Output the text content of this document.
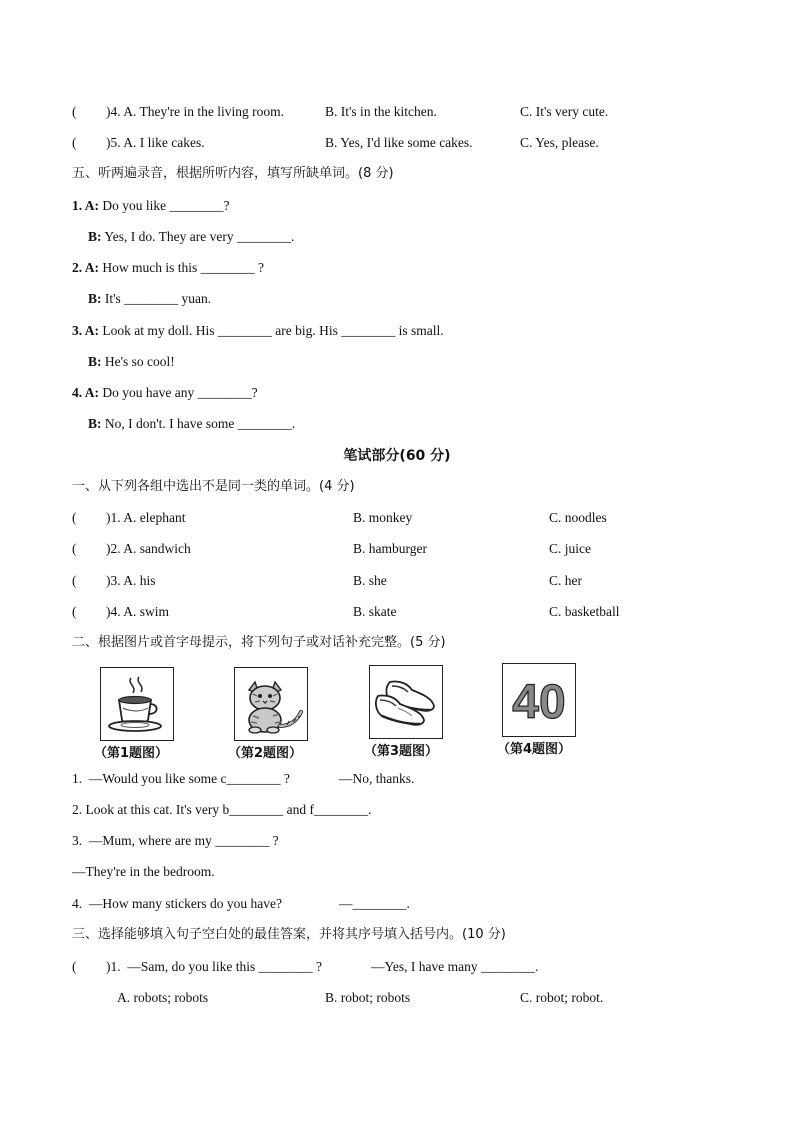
( )4. A. They're in the living room.	B. It's in the kitchen.	C. It's very cute.
( )5. A. I like cakes.	B. Yes, I'd like some cakes.	C. Yes, please.
五、听两遍录音，根据所听内容，填写所缺单词。(8 分)
1. A: Do you like ________?
B: Yes, I do. They are very ________.
2. A: How much is this ________ ?
B: It's ________ yuan.
3. A: Look at my doll. His ________ are big. His ________ is small.
B: He's so cool!
4. A: Do you have any ________?
B: No, I don't. I have some ________.
笔试部分(60 分)
一、从下列各组中选出不是同一类的单词。(4 分)
( )1. A. elephant	B. monkey	C. noodles
( )2. A. sandwich	B. hamburger	C. juice
( )3. A. his	B. she	C. her
( )4. A. swim	B. skate	C. basketball
二、根据图片或首字母提示，将下列句子或对话补充完整。(5 分)
（第1题图）	（第2题图）	（第3题图）
40
（第4题图）
1.  —Would you like some c________ ?	—No, thanks.
2. Look at this cat. It's very b________ and f________.
3.  —Mum, where are my ________ ?
—They're in the bedroom.
4.  —How many stickers do you have?	—________.
三、选择能够填入句子空白处的最佳答案，并将其序号填入括号内。(10 分)
( )1.  —Sam, do you like this ________ ?	—Yes, I have many ________.
A. robots; robots	B. robot; robots	C. robot; robot.
